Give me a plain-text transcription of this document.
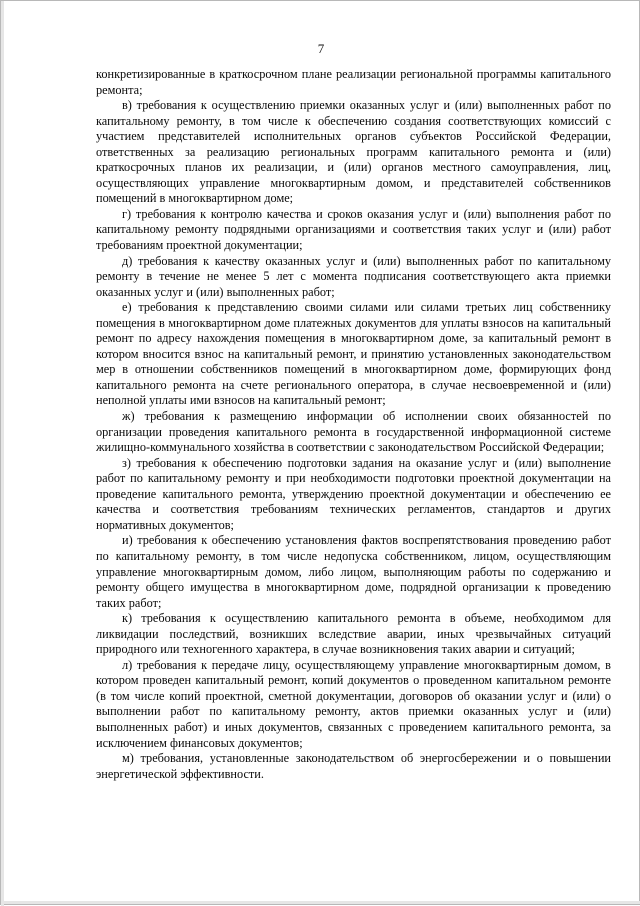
7

конкретизированные в краткосрочном плане реализации региональной программы капитального ремонта;

в) требования к осуществлению приемки оказанных услуг и (или) выполненных работ по капитальному ремонту, в том числе к обеспечению создания соответствующих комиссий с участием представителей исполнительных органов субъектов Российской Федерации, ответственных за реализацию региональных программ капитального ремонта и (или) краткосрочных планов их реализации, и (или) органов местного самоуправления, лиц, осуществляющих управление многоквартирным домом, и представителей собственников помещений в многоквартирном доме;

г) требования к контролю качества и сроков оказания услуг и (или) выполнения работ по капитальному ремонту подрядными организациями и соответствия таких услуг и (или) работ требованиям проектной документации;

д) требования к качеству оказанных услуг и (или) выполненных работ по капитальному ремонту в течение не менее 5 лет с момента подписания соответствующего акта приемки оказанных услуг и (или) выполненных работ;

е) требования к представлению своими силами или силами третьих лиц собственнику помещения в многоквартирном доме платежных документов для уплаты взносов на капитальный ремонт по адресу нахождения помещения в многоквартирном доме, за капитальный ремонт в котором вносится взнос на капитальный ремонт, и принятию установленных законодательством мер в отношении собственников помещений в многоквартирном доме, формирующих фонд капитального ремонта на счете регионального оператора, в случае несвоевременной и (или) неполной уплаты ими взносов на капитальный ремонт;

ж) требования к размещению информации об исполнении своих обязанностей по организации проведения капитального ремонта в государственной информационной системе жилищно-коммунального хозяйства в соответствии с законодательством Российской Федерации;

з) требования к обеспечению подготовки задания на оказание услуг и (или) выполнение работ по капитальному ремонту и при необходимости подготовки проектной документации на проведение капитального ремонта, утверждению проектной документации и обеспечению ее качества и соответствия требованиям технических регламентов, стандартов и других нормативных документов;

и) требования к обеспечению установления фактов воспрепятствования проведению работ по капитальному ремонту, в том числе недопуска собственником, лицом, осуществляющим управление многоквартирным домом, либо лицом, выполняющим работы по содержанию и ремонту общего имущества в многоквартирном доме, подрядной организации к проведению таких работ;

к) требования к осуществлению капитального ремонта в объеме, необходимом для ликвидации последствий, возникших вследствие аварии, иных чрезвычайных ситуаций природного или техногенного характера, в случае возникновения таких аварии и ситуаций;

л) требования к передаче лицу, осуществляющему управление многоквартирным домом, в котором проведен капитальный ремонт, копий документов о проведенном капитальном ремонте (в том числе копий проектной, сметной документации, договоров об оказании услуг и (или) о выполнении работ по капитальному ремонту, актов приемки оказанных услуг и (или) выполненных работ) и иных документов, связанных с проведением капитального ремонта, за исключением финансовых документов;

м) требования, установленные законодательством об энергосбережении и о повышении энергетической эффективности.
